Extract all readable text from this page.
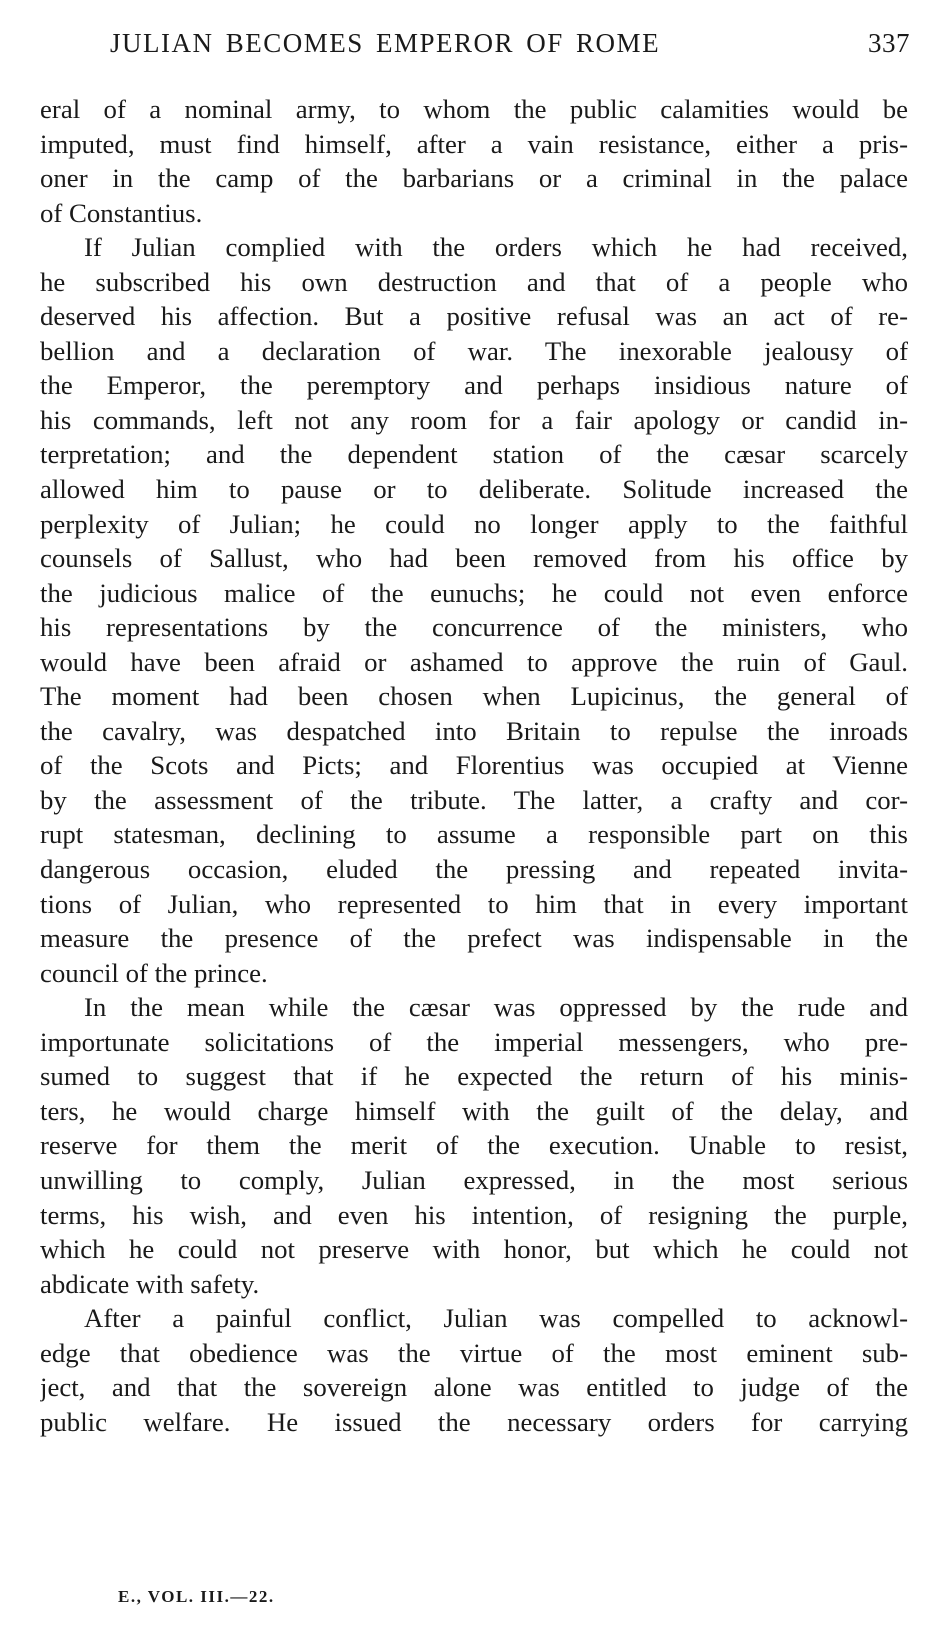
JULIAN BECOMES EMPEROR OF ROME	337
eral of a nominal army, to whom the public calamities would be
imputed, must find himself, after a vain resistance, either a pris-
oner in the camp of the barbarians or a criminal in the palace
of Constantius.
If Julian complied with the orders which he had received,
he subscribed his own destruction and that of a people who
deserved his affection. But a positive refusal was an act of re-
bellion and a declaration of war. The inexorable jealousy of
the Emperor, the peremptory and perhaps insidious nature of
his commands, left not any room for a fair apology or candid in-
terpretation; and the dependent station of the cæsar scarcely
allowed him to pause or to deliberate. Solitude increased the
perplexity of Julian; he could no longer apply to the faithful
counsels of Sallust, who had been removed from his office by
the judicious malice of the eunuchs; he could not even enforce
his representations by the concurrence of the ministers, who
would have been afraid or ashamed to approve the ruin of Gaul.
The moment had been chosen when Lupicinus, the general of
the cavalry, was despatched into Britain to repulse the inroads
of the Scots and Picts; and Florentius was occupied at Vienne
by the assessment of the tribute. The latter, a crafty and cor-
rupt statesman, declining to assume a responsible part on this
dangerous occasion, eluded the pressing and repeated invita-
tions of Julian, who represented to him that in every important
measure the presence of the prefect was indispensable in the
council of the prince.
In the mean while the cæsar was oppressed by the rude and
importunate solicitations of the imperial messengers, who pre-
sumed to suggest that if he expected the return of his minis-
ters, he would charge himself with the guilt of the delay, and
reserve for them the merit of the execution. Unable to resist,
unwilling to comply, Julian expressed, in the most serious
terms, his wish, and even his intention, of resigning the purple,
which he could not preserve with honor, but which he could not
abdicate with safety.
After a painful conflict, Julian was compelled to acknowl-
edge that obedience was the virtue of the most eminent sub-
ject, and that the sovereign alone was entitled to judge of the
public welfare. He issued the necessary orders for carrying
E., VOL. III.—22.
